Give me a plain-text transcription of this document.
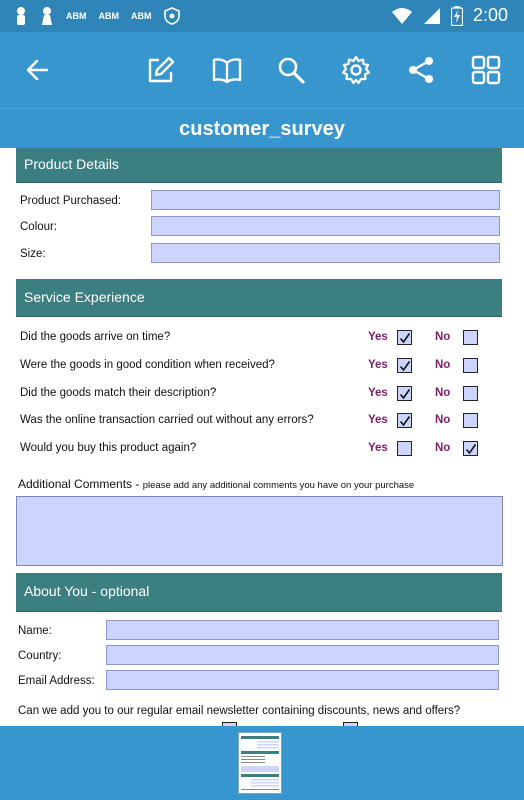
ABM ABM ABM	2:00
customer_survey
Product Details
Product Purchased:
Colour:
Size:
Service Experience
Did the goods arrive on time?	Yes	No
Were the goods in good condition when received?	Yes	No
Did the goods match their description?	Yes	No
Was the online transaction carried out without any errors?	Yes	No
Would you buy this product again?	Yes	No
Additional Comments - please add any additional comments you have on your purchase
About You - optional
Name:
Country:
Email Address:
Can we add you to our regular email newsletter containing discounts, news and offers?
